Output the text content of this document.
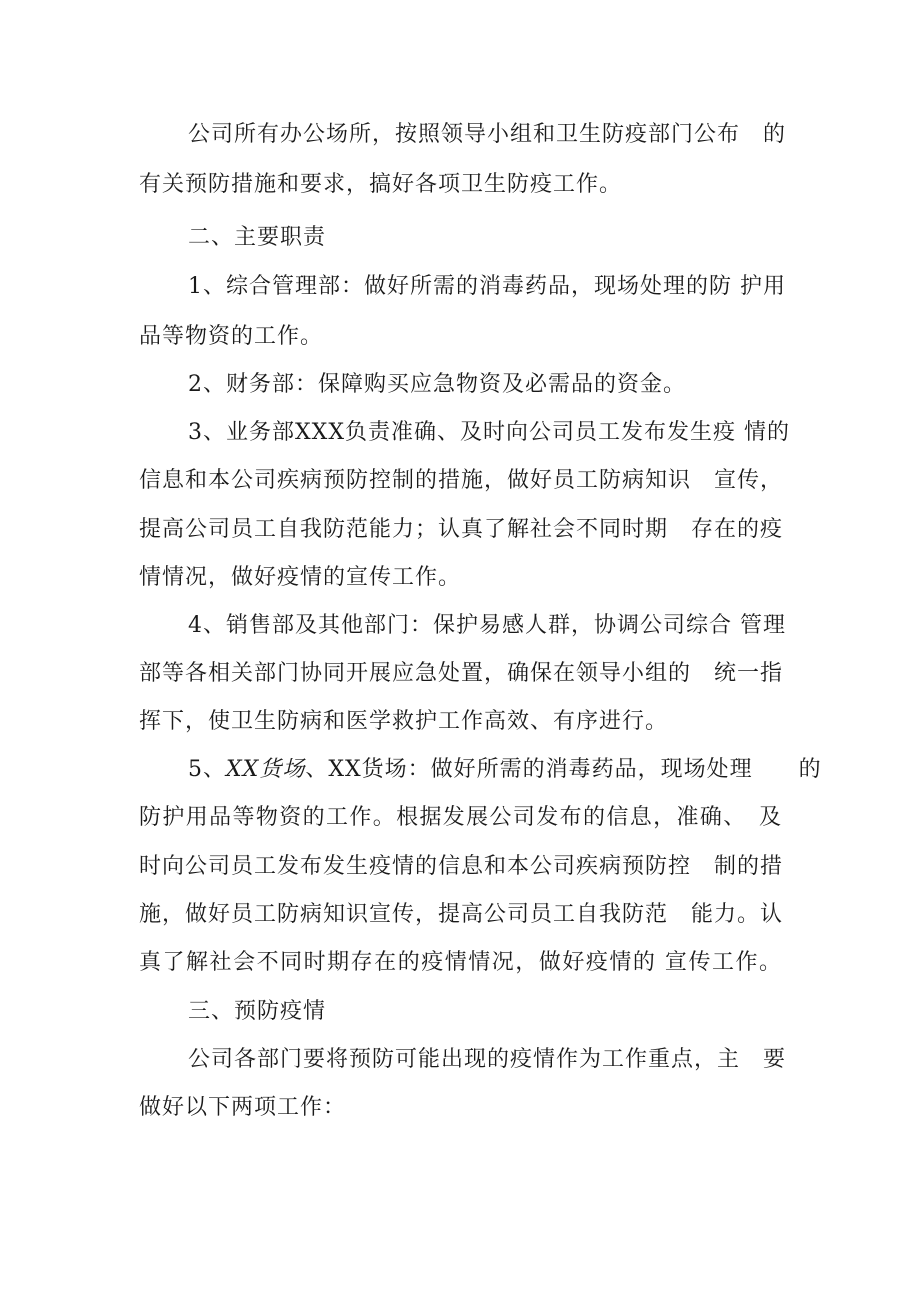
公司所有办公场所，按照领导小组和卫生防疫部门公布　的
有关预防措施和要求，搞好各项卫生防疫工作。
二、主要职责
1、综合管理部：做好所需的消毒药品，现场处理的防 护用
品等物资的工作。
2、财务部：保障购买应急物资及必需品的资金。
3、业务部XXX负责准确、及时向公司员工发布发生疫 情的
信息和本公司疾病预防控制的措施，做好员工防病知识　宣传，
提高公司员工自我防范能力；认真了解社会不同时期　存在的疫
情情况，做好疫情的宣传工作。
4、销售部及其他部门：保护易感人群，协调公司综合 管理
部等各相关部门协同开展应急处置，确保在领导小组的　统一指
挥下，使卫生防病和医学救护工作高效、有序进行。
5、 XX货场 、XX货场：做好所需的消毒药品，现场处理　　的
防护用品等物资的工作。根据发展公司发布的信息，准确、　及
时向公司员工发布发生疫情的信息和本公司疾病预防控　制的措
施，做好员工防病知识宣传，提高公司员工自我防范　能力。认
真了解社会不同时期存在的疫情情况，做好疫情的 宣传工作。
三、预防疫情
公司各部门要将预防可能出现的疫情作为工作重点，主　要
做好以下两项工作：
